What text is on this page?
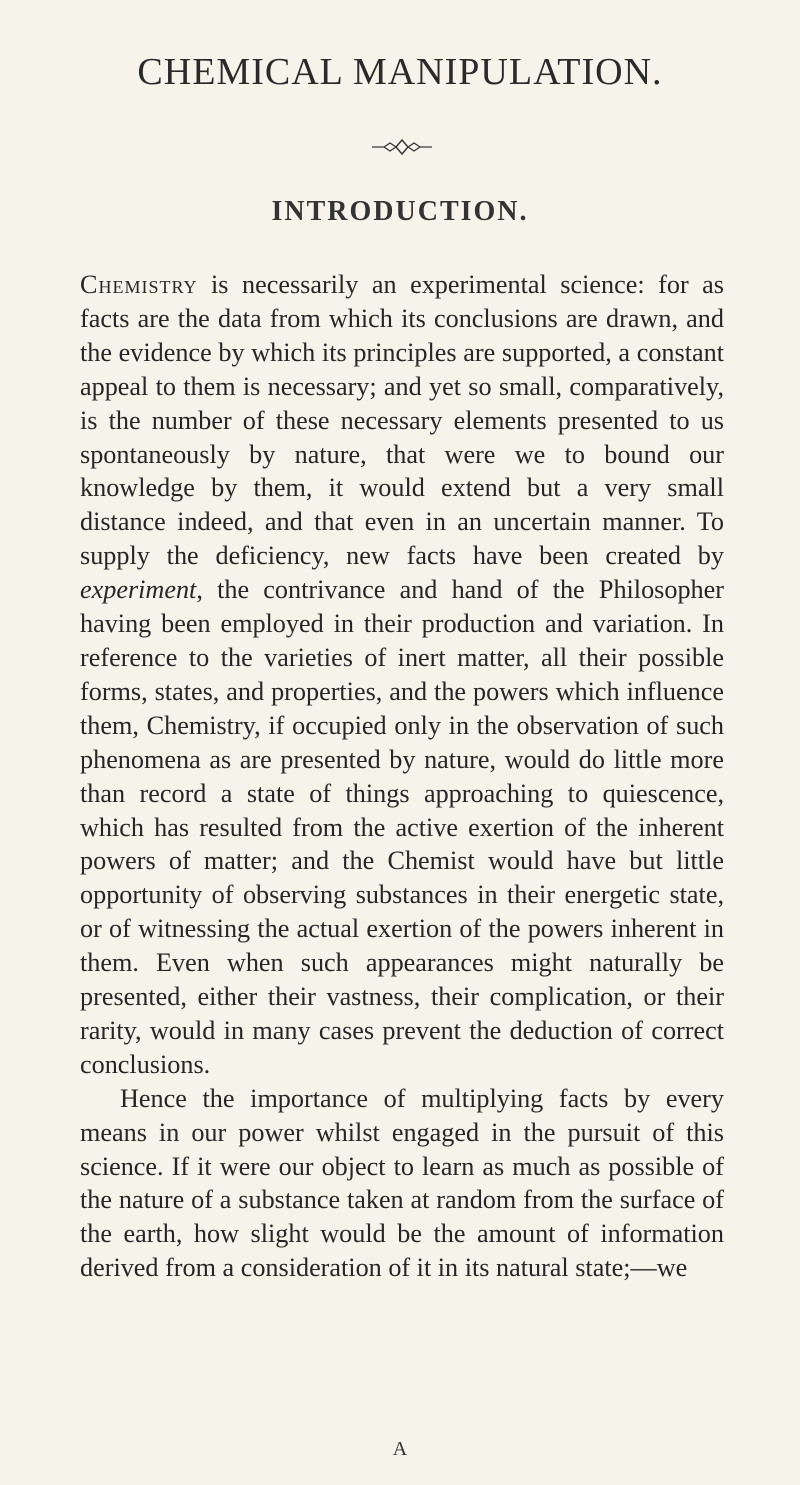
CHEMICAL MANIPULATION.
INTRODUCTION.

Chemistry is necessarily an experimental science: for as facts are the data from which its conclusions are drawn, and the evidence by which its principles are supported, a constant appeal to them is necessary; and yet so small, comparatively, is the number of these necessary elements presented to us spontaneously by nature, that were we to bound our knowledge by them, it would extend but a very small distance indeed, and that even in an uncertain manner. To supply the deficiency, new facts have been created by experiment, the contrivance and hand of the Philosopher having been employed in their production and variation. In reference to the varieties of inert matter, all their possible forms, states, and properties, and the powers which influence them, Chemistry, if occupied only in the observation of such phenomena as are presented by nature, would do little more than record a state of things approaching to quiescence, which has resulted from the active exertion of the inherent powers of matter; and the Chemist would have but little opportunity of observing substances in their energetic state, or of witnessing the actual exertion of the powers inherent in them. Even when such appearances might naturally be presented, either their vastness, their complication, or their rarity, would in many cases prevent the deduction of correct conclusions.

Hence the importance of multiplying facts by every means in our power whilst engaged in the pursuit of this science. If it were our object to learn as much as possible of the nature of a substance taken at random from the surface of the earth, how slight would be the amount of information derived from a consideration of it in its natural state;—we

A
